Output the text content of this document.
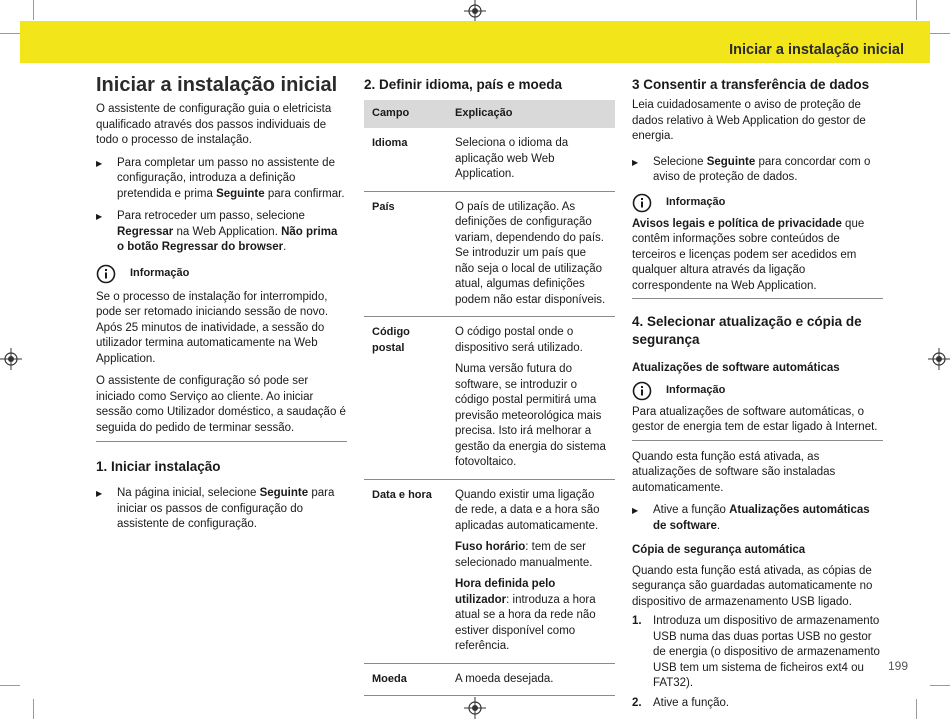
Iniciar a instalação inicial
Iniciar a instalação inicial

O assistente de configuração guia o eletricista qualificado através dos passos individuais de todo o processo de instalação.

▶	Para completar um passo no assistente de configuração, introduza a definição pretendida e prima Seguinte para confirmar.
▶	Para retroceder um passo, selecione Regressar na Web Application. Não prima o botão Regressar do browser.
Informação

Se o processo de instalação for interrompido, pode ser retomado iniciando sessão de novo. Após 25 minutos de inatividade, a sessão do utilizador termina automaticamente na Web Application.

O assistente de configuração só pode ser iniciado como Serviço ao cliente. Ao iniciar sessão como Utilizador doméstico, a saudação é seguida do pedido de terminar sessão.

1. Iniciar instalação
▶	Na página inicial, selecione Seguinte para iniciar os passos de configuração do assistente de configuração.
2. Definir idioma, país e moeda
Campo	Explicação
Idioma	Seleciona o idioma da aplicação web Web Application.
País	O país de utilização. As definições de configuração variam, dependendo do país. Se introduzir um país que não seja o local de utilização atual, algumas definições podem não estar disponíveis.
Código postal	O código postal onde o dispositivo será utilizado.

Numa versão futura do software, se introduzir o código postal permitirá uma previsão meteorológica mais precisa. Isto irá melhorar a gestão da energia do sistema fotovoltaico.

Data e hora	Quando existir uma ligação de rede, a data e a hora são aplicadas automaticamente.

Fuso horário: tem de ser selecionado manualmente.

Hora definida pelo utilizador: introduza a hora atual se a hora da rede não estiver disponível como referência.

Moeda	A moeda desejada.
3 Consentir a transferência de dados

Leia cuidadosamente o aviso de proteção de dados relativo à Web Application do gestor de energia.

▶	Selecione Seguinte para concordar com o aviso de proteção de dados.
Informação

Avisos legais e política de privacidade que contêm informações sobre conteúdos de terceiros e licenças podem ser acedidos em qualquer altura através da ligação correspondente na Web Application.

4. Selecionar atualização e cópia de segurança
Atualizações de software automáticas
Informação

Para atualizações de software automáticas, o gestor de energia tem de estar ligado à Internet.

Quando esta função está ativada, as atualizações de software são instaladas automaticamente.

▶	Ative a função Atualizações automáticas de software.
Cópia de segurança automática

Quando esta função está ativada, as cópias de segurança são guardadas automaticamente no dispositivo de armazenamento USB ligado.

1. Introduza um dispositivo de armazenamento USB numa das duas portas USB no gestor de energia (o dispositivo de armazenamento USB tem um sistema de ficheiros ext4 ou FAT32).
2. Ative a função.
199
